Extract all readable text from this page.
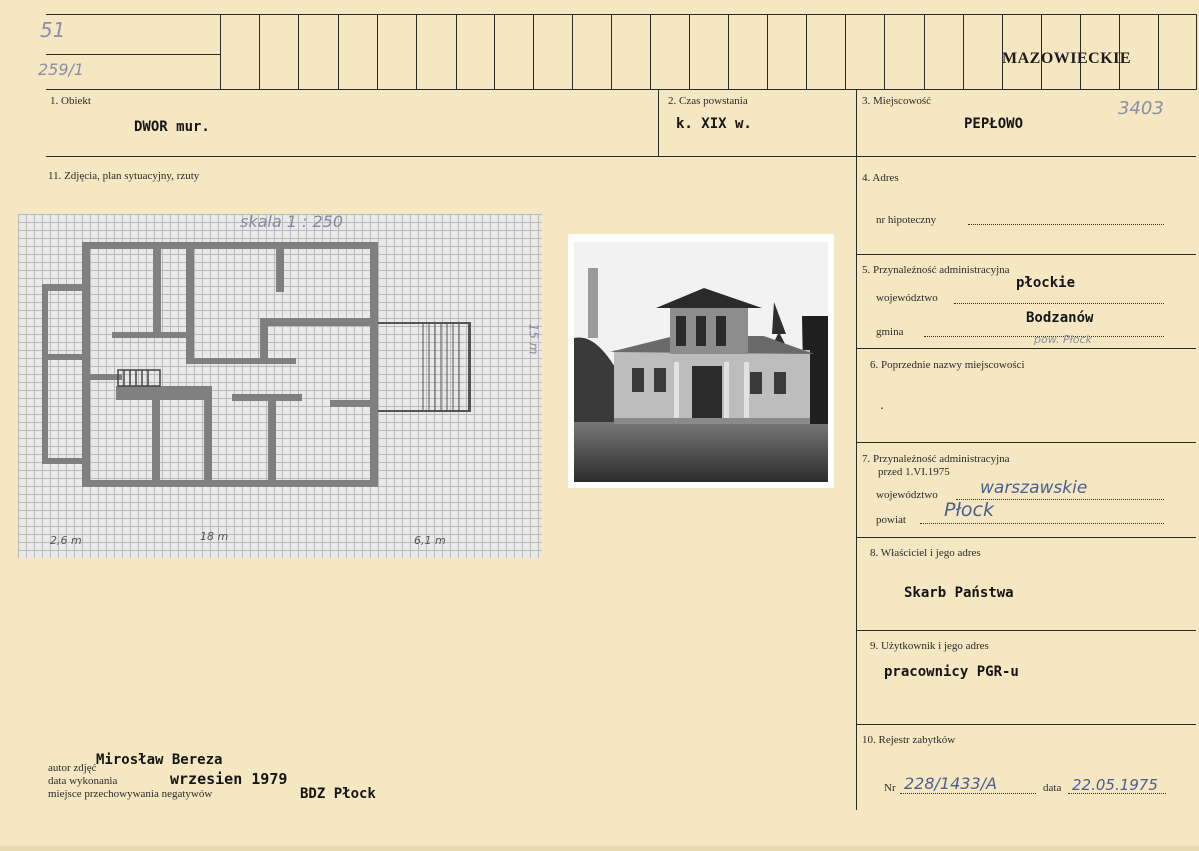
51
259/1
MAZOWIECKIE
1. Obiekt
DWOR mur.
2. Czas powstania
k. XIX w.
3. Miejscowość
PEPŁOWO
3403
11. Zdjęcia, plan sytuacyjny, rzuty	4. Adres
nr hipoteczny
5. Przynależność administracyjna
województwo
płockie
gmina
Bodzanów
pow. Płock
6. Poprzednie nazwy miejscowości
.
7. Przynależność administracyjna
przed 1.VI.1975
województwo warszawskie
powiat Płock
8. Właściciel i jego adres
Skarb Państwa
9. Użytkownik i jego adres
pracownicy PGR-u
10. Rejestr zabytków
Nr 228/1433/A	data 22.05.1975
skala 1 : 250
15 m
2,6 m	18 m	6,1 m
autor zdjęć Mirosław Bereza
data wykonania	wrzesien 1979
miejsce przechowywania negatywów	BDZ Płock
